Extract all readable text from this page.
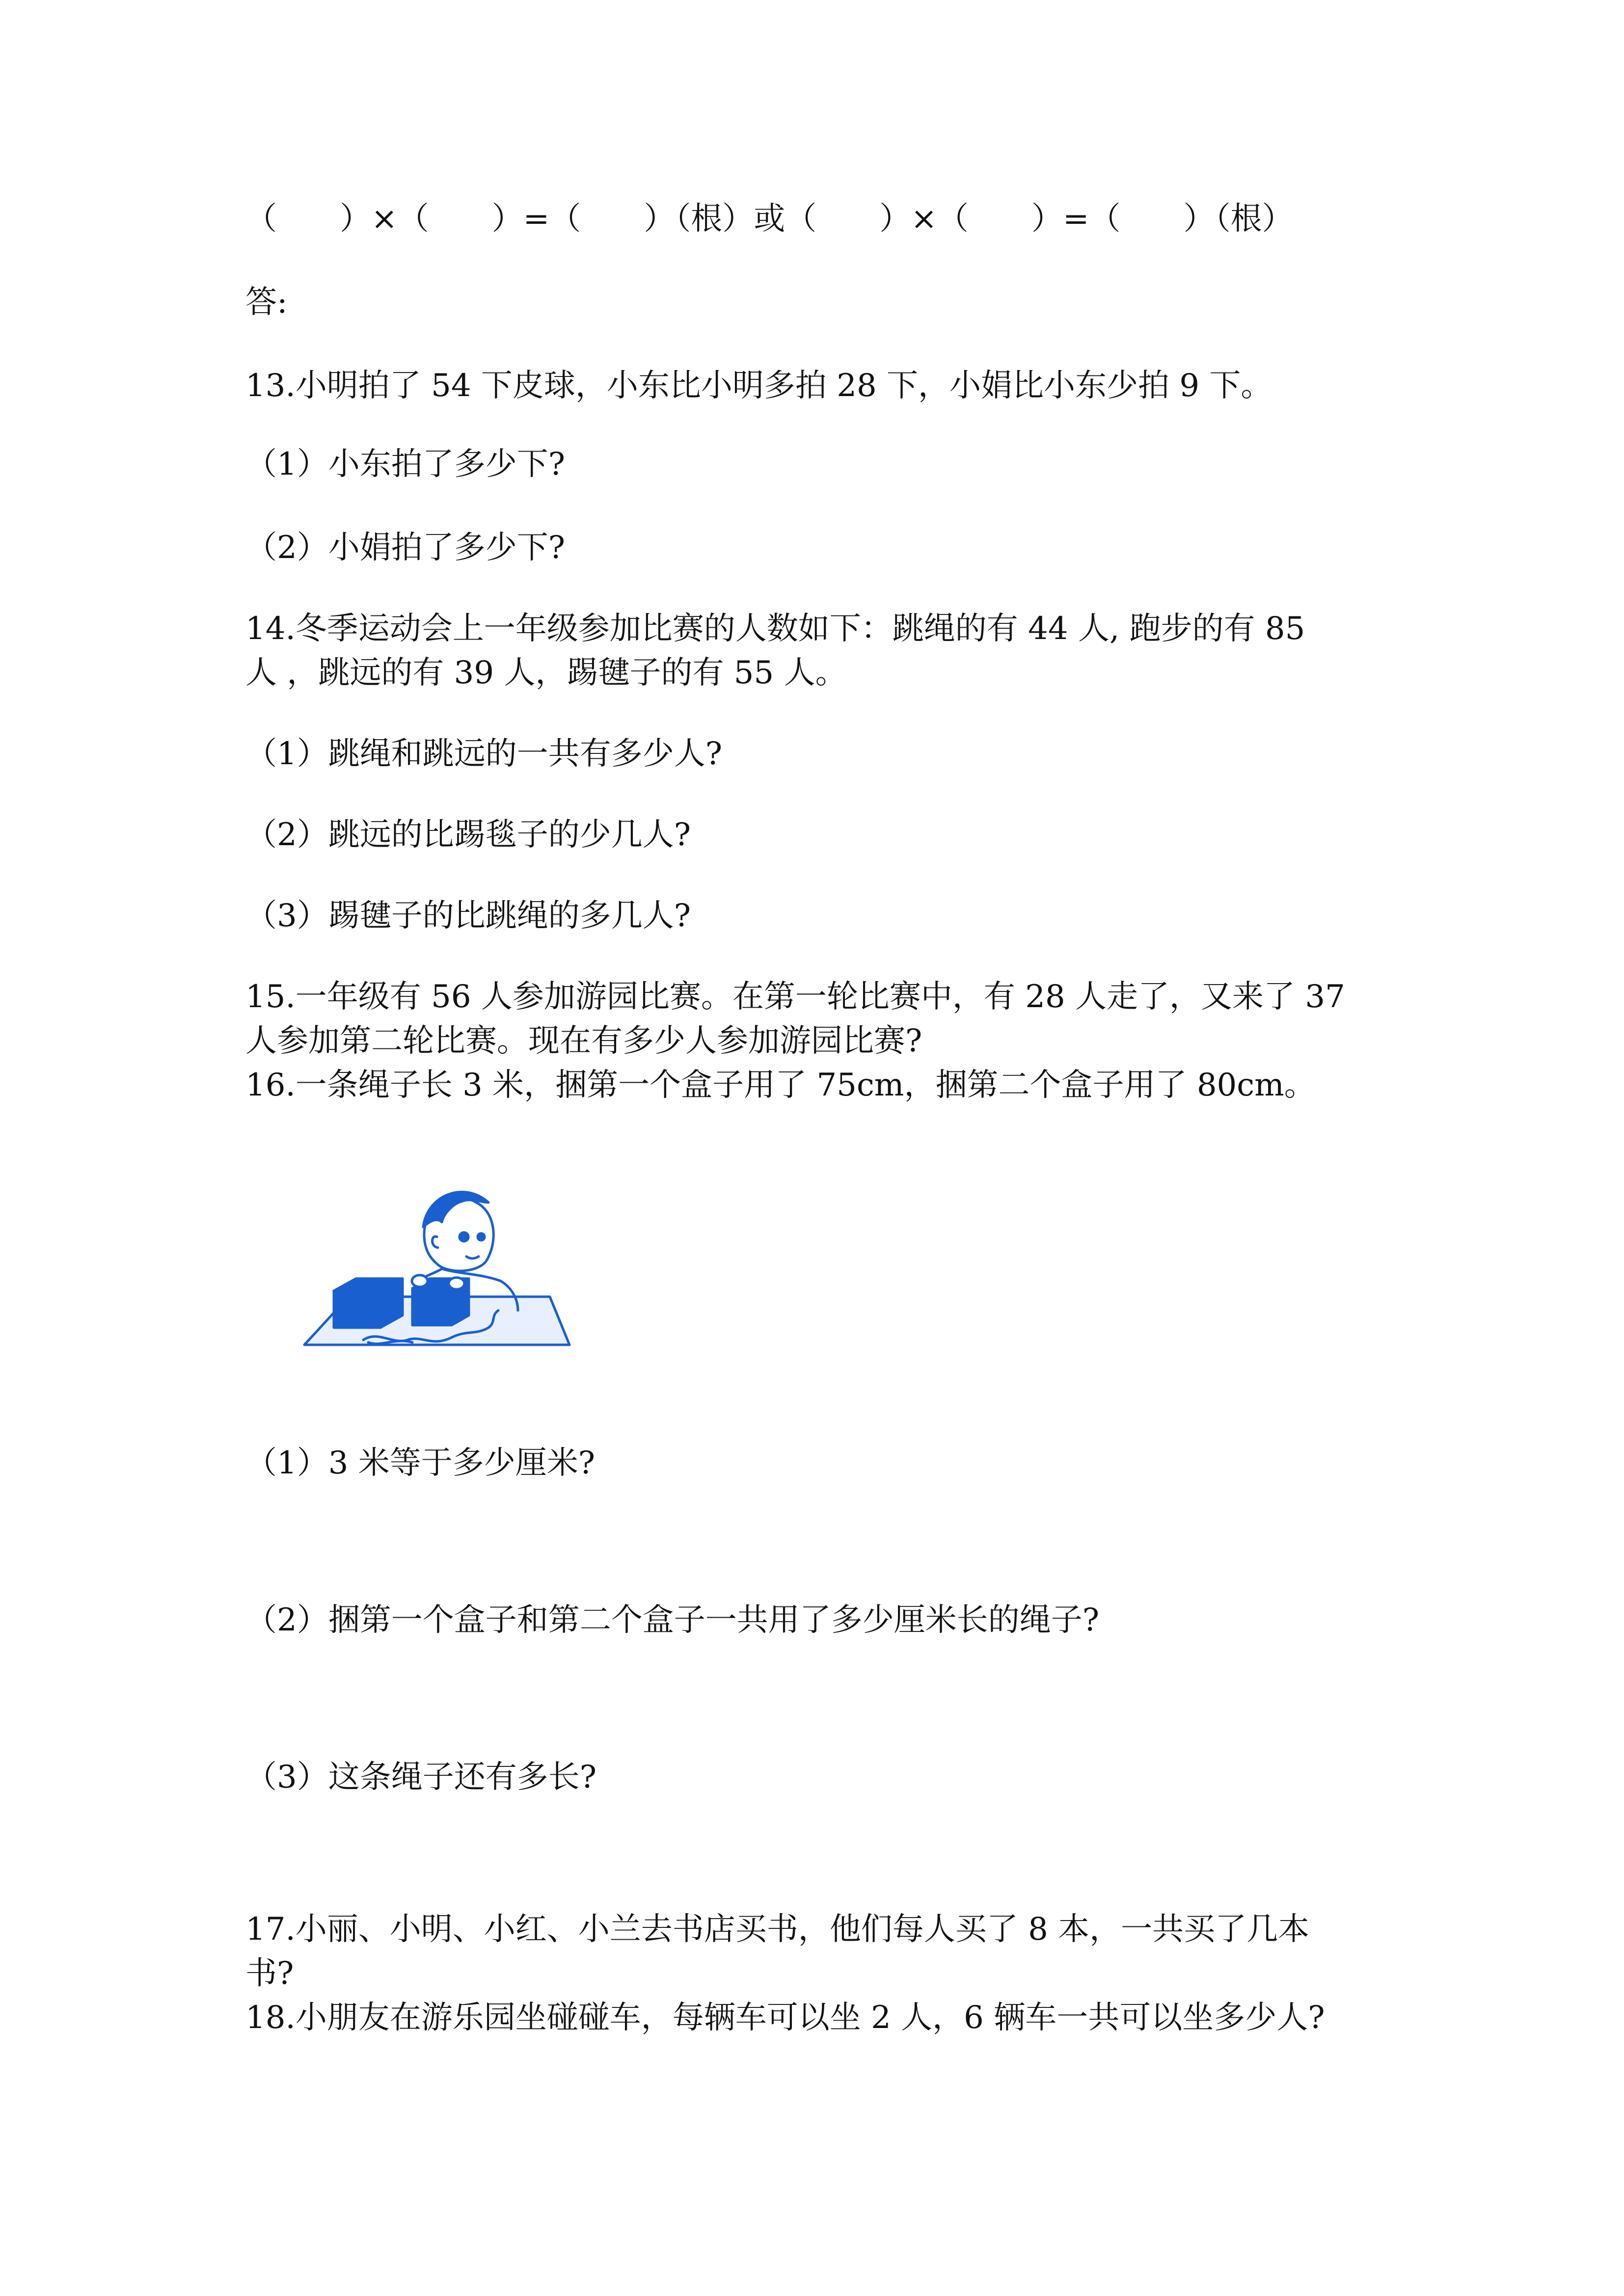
（　　）×（　　）=（　　）（根）或（　　）×（　　）=（　　）（根）
答:
13.小明拍了 54 下皮球，小东比小明多拍 28 下，小娟比小东少拍 9 下。
（1）小东拍了多少下?
（2）小娟拍了多少下?
14.冬季运动会上一年级参加比赛的人数如下：跳绳的有 44 人, 跑步的有 85
人 ，跳远的有 39 人，踢毽子的有 55 人。
（1）跳绳和跳远的一共有多少人?
（2）跳远的比踢毯子的少几人?
（3）踢毽子的比跳绳的多几人?
15.一年级有 56 人参加游园比赛。在第一轮比赛中，有 28 人走了，又来了 37
人参加第二轮比赛。现在有多少人参加游园比赛?
16.一条绳子长 3 米，捆第一个盒子用了 75cm，捆第二个盒子用了 80cm。
（1）3 米等于多少厘米?
（2）捆第一个盒子和第二个盒子一共用了多少厘米长的绳子?
（3）这条绳子还有多长?
17.小丽、小明、小红、小兰去书店买书，他们每人买了 8 本，一共买了几本
书?
18.小朋友在游乐园坐碰碰车，每辆车可以坐 2 人，6 辆车一共可以坐多少人?
